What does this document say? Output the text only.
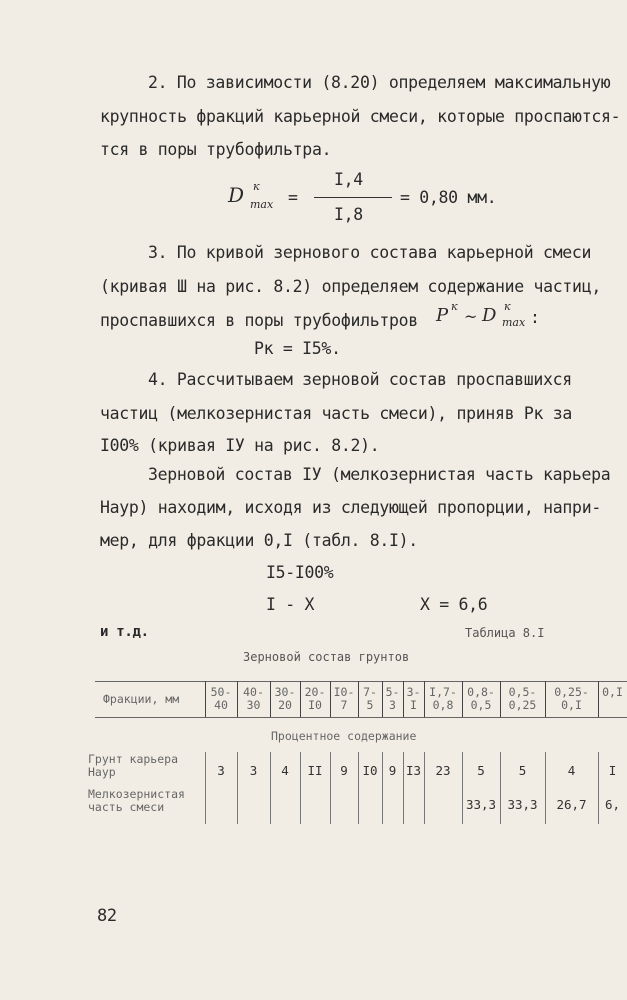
2. По зависимости (8.20) определяем максимальную
крупность фракций карьерной смеси, которые проспаются-
тся в поры трубофильтра.
D к
max =
I,4
I,8
= 0,80 мм.
3. По кривой зернового состава карьерной смеси
(кривая Ш на рис. 8.2) определяем содержание частиц,
проспавшихся в поры трубофильтров P к
~ D к
max :
Pк = I5%.
4. Рассчитываем зерновой состав проспавшихся
частиц (мелкозернистая часть смеси), приняв Pк за
I00% (кривая IУ на рис. 8.2).
Зерновой состав IУ (мелкозернистая часть карьера
Наур) находим, исходя из следующей пропорции, напри-
мер, для фракции 0,I (табл. 8.I).
I5-I00%
I - X	X = 6,6
и т.д.	Таблица 8.I
Зерновой состав грунтов
Фракции, мм
Процентное содержание
Грунт карьера
Наур
Мелкозернистая
часть смеси
50-
40
3
40-
30
3
30-
20
4
20-
I0
II
I0-
7
9
7-
5
I0
5-
3
9
3-
I
I3
I,7-
0,8
23
0,8-
0,5
5
33,3
0,5-
0,25
5
33,3
0,25-
0,I
4
26,7
0,I
I
6,
82
